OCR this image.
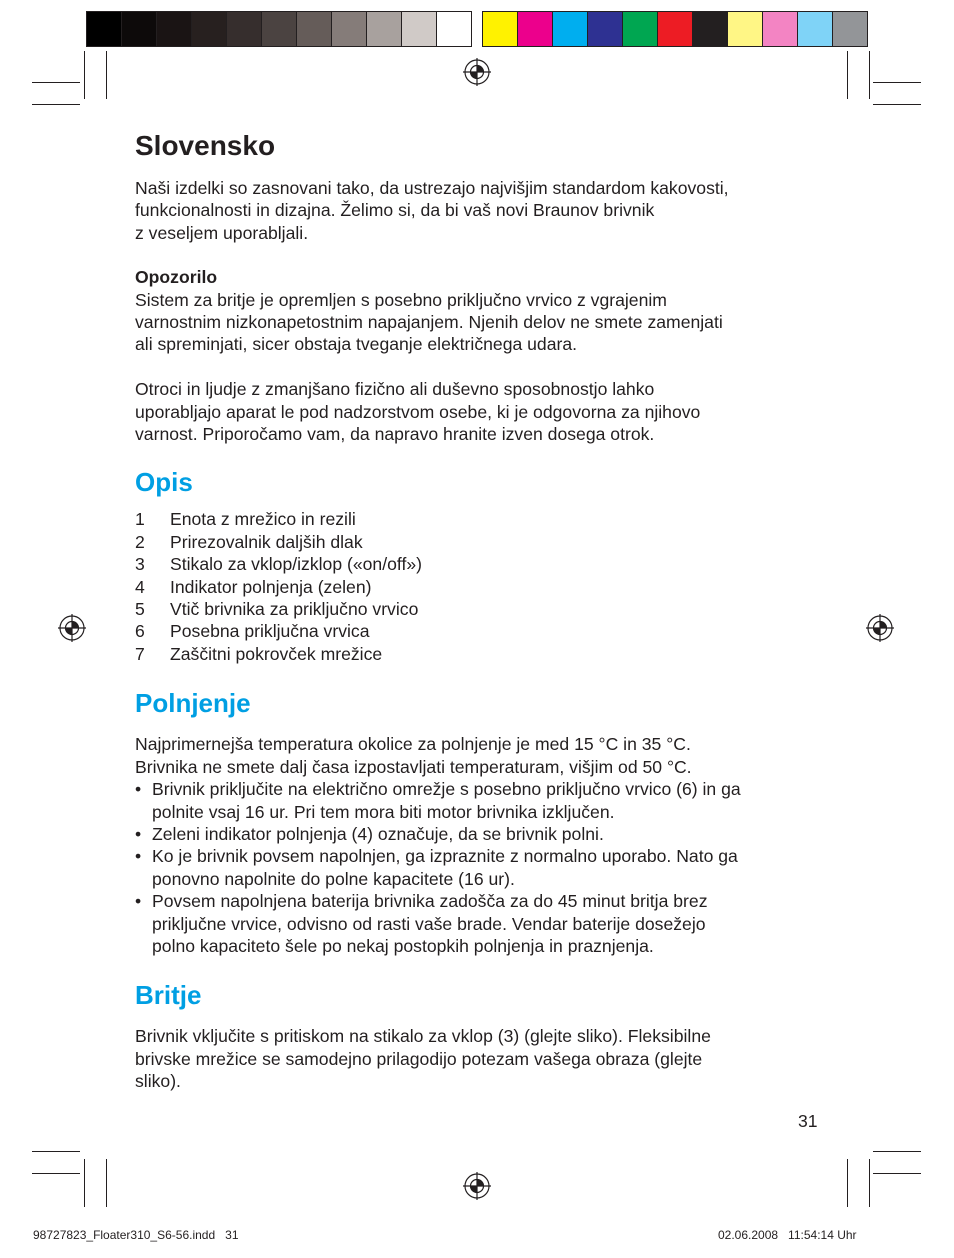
Slovensko

Naši izdelki so zasnovani tako, da ustrezajo najvišjim standardom kakovosti,

funkcionalnosti in dizajna. Želimo si, da bi vaš novi Braunov brivnik

z veseljem uporabljali.

Opozorilo

Sistem za britje je opremljen s posebno priključno vrvico z vgrajenim

varnostnim nizkonapetostnim napajanjem. Njenih delov ne smete zamenjati

ali spreminjati, sicer obstaja tveganje električnega udara.

Otroci in ljudje z zmanjšano fizično ali duševno sposobnostjo lahko

uporabljajo aparat le pod nadzorstvom osebe, ki je odgovorna za njihovo

varnost. Priporočamo vam, da napravo hranite izven dosega otrok.

Opis
1	Enota z mrežico in rezili
2	Prirezovalnik daljših dlak
3	Stikalo za vklop/izklop («on/off»)
4	Indikator polnjenja (zelen)
5	Vtič brivnika za priključno vrvico
6	Posebna priključna vrvica
7	Zaščitni pokrovček mrežice
Polnjenje

Najprimernejša temperatura okolice za polnjenje je med 15 °C in 35 °C.

Brivnika ne smete dalj časa izpostavljati temperaturam, višjim od 50 °C.

• Brivnik priključite na električno omrežje s posebno priključno vrvico (6) in ga

polnite vsaj 16 ur. Pri tem mora biti motor brivnika izključen.

• Zeleni indikator polnjenja (4) označuje, da se brivnik polni.

• Ko je brivnik povsem napolnjen, ga izpraznite z normalno uporabo. Nato ga

ponovno napolnite do polne kapacitete (16 ur).

• Povsem napolnjena baterija brivnika zadošča za do 45 minut britja brez

priključne vrvice, odvisno od rasti vaše brade. Vendar baterije dosežejo

polno kapaciteto šele po nekaj postopkih polnjenja in praznjenja.

Britje

Brivnik vključite s pritiskom na stikalo za vklop (3) (glejte sliko). Fleksibilne

brivske mrežice se samodejno prilagodijo potezam vašega obraza (glejte

sliko).

31
98727823_Floater310_S6-56.indd   31	02.06.2008   11:54:14 Uhr
